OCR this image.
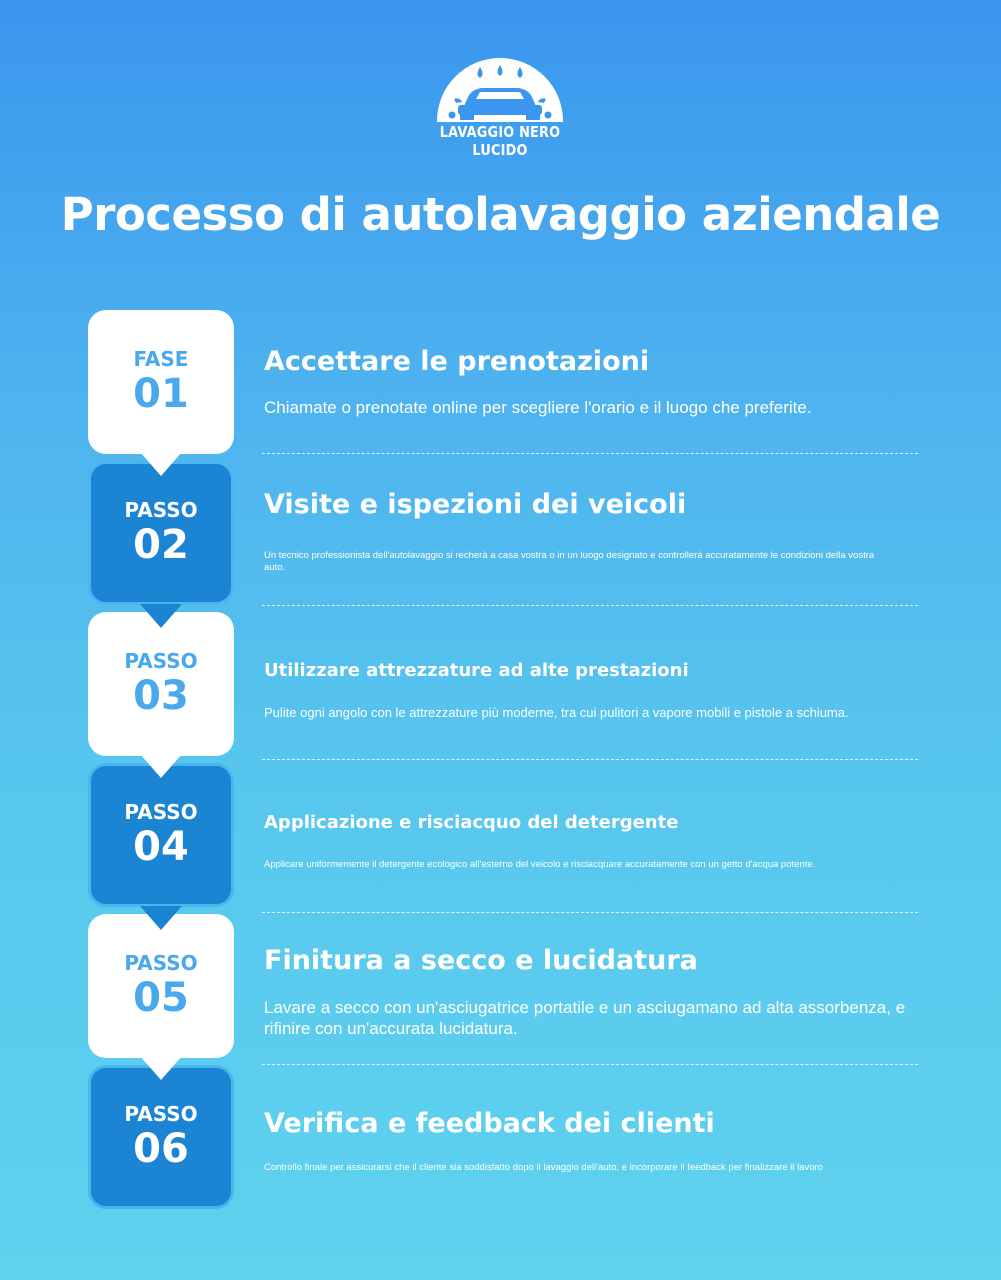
LAVAGGIO NERO LUCIDO
Processo di autolavaggio aziendale
FASE
01
PASSO
02
PASSO
03
PASSO
04
PASSO
05
PASSO
06
Accettare le prenotazioni
Chiamate o prenotate online per scegliere l'orario e il luogo che preferite.
Visite e ispezioni dei veicoli
Un tecnico professionista dell'autolavaggio si recherà a casa vostra o in un luogo designato e controllerà accuratamente le condizioni della vostra auto.
Utilizzare attrezzature ad alte prestazioni
Pulite ogni angolo con le attrezzature più moderne, tra cui pulitori a vapore mobili e pistole a schiuma.
Applicazione e risciacquo del detergente
Applicare uniformemente il detergente ecologico all'esterno del veicolo e risciacquare accuratamente con un getto d'acqua potente.
Finitura a secco e lucidatura
Lavare a secco con un'asciugatrice portatile e un asciugamano ad alta assorbenza, e rifinire con un'accurata lucidatura.
Verifica e feedback dei clienti
Controllo finale per assicurarsi che il cliente sia soddisfatto dopo il lavaggio dell'auto, e incorporare il feedback per finalizzare il lavoro
